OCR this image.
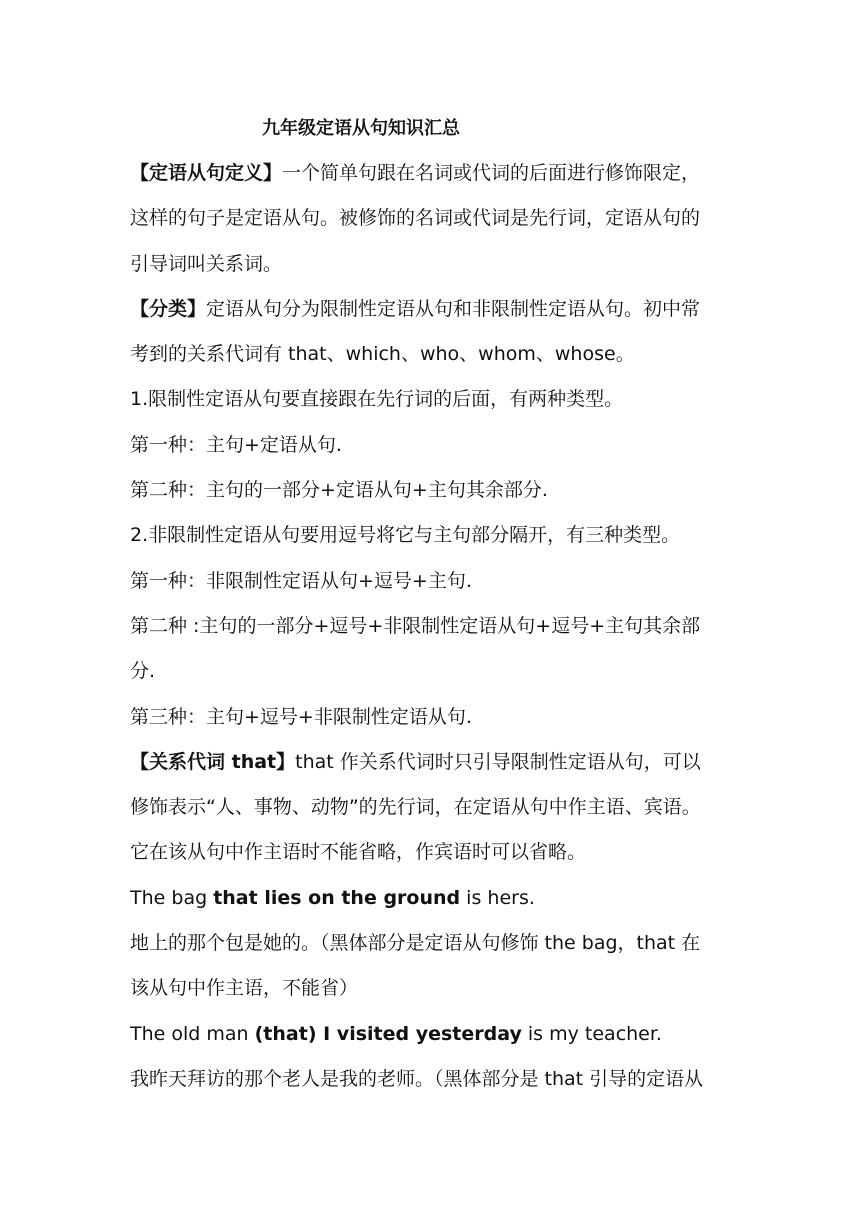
九年级定语从句知识汇总
【定语从句定义】一个简单句跟在名词或代词的后面进行修饰限定，
这样的句子是定语从句。被修饰的名词或代词是先行词，定语从句的
引导词叫关系词。
【分类】定语从句分为限制性定语从句和非限制性定语从句。初中常
考到的关系代词有 that、which、who、whom、whose。
1.限制性定语从句要直接跟在先行词的后面，有两种类型。
第一种：主句+定语从句.
第二种：主句的一部分+定语从句+主句其余部分.
2.非限制性定语从句要用逗号将它与主句部分隔开，有三种类型。
第一种：非限制性定语从句+逗号+主句.
第二种 :主句的一部分+逗号+非限制性定语从句+逗号+主句其余部
分.
第三种：主句+逗号+非限制性定语从句.
【关系代词 that】that 作关系代词时只引导限制性定语从句，可以
修饰表示“人、事物、动物”的先行词，在定语从句中作主语、宾语。
它在该从句中作主语时不能省略，作宾语时可以省略。
The bag that lies on the ground is hers.
地上的那个包是她的。（黑体部分是定语从句修饰 the bag，that 在
该从句中作主语，不能省）
The old man (that) I visited yesterday is my teacher.
我昨天拜访的那个老人是我的老师。（黑体部分是 that 引导的定语从
